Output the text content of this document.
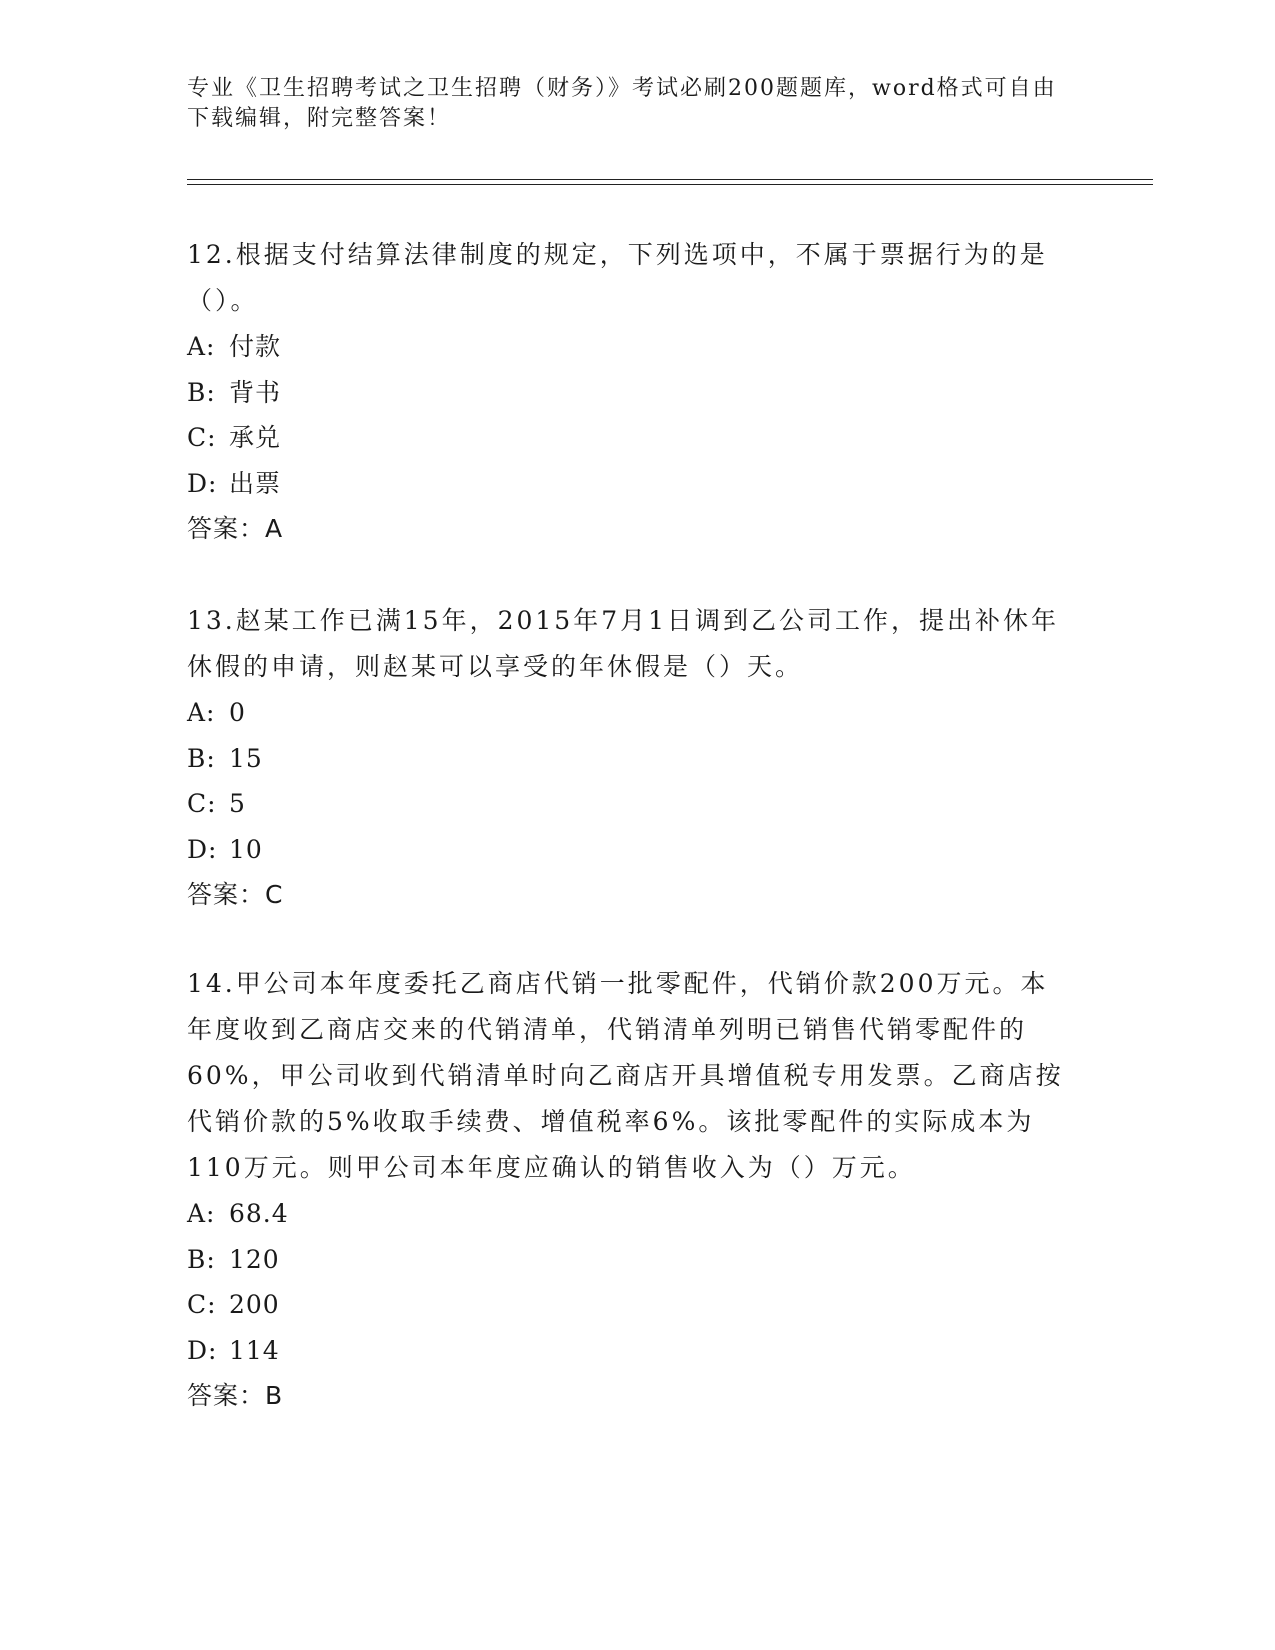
专业《卫生招聘考试之卫生招聘（财务）》考试必刷200题题库，word格式可自由下载编辑，附完整答案！

12.根据支付结算法律制度的规定，下列选项中，不属于票据行为的是（）。

A: 付款

B: 背书

C: 承兑

D: 出票

答案：A

13.赵某工作已满15年，2015年7月1日调到乙公司工作，提出补休年休假的申请，则赵某可以享受的年休假是（）天。

A: 0

B: 15

C: 5

D: 10

答案：C

14.甲公司本年度委托乙商店代销一批零配件，代销价款200万元。本年度收到乙商店交来的代销清单，代销清单列明已销售代销零配件的60%，甲公司收到代销清单时向乙商店开具增值税专用发票。乙商店按代销价款的5%收取手续费、增值税率6%。该批零配件的实际成本为110万元。则甲公司本年度应确认的销售收入为（）万元。

A: 68.4

B: 120

C: 200

D: 114

答案：B
